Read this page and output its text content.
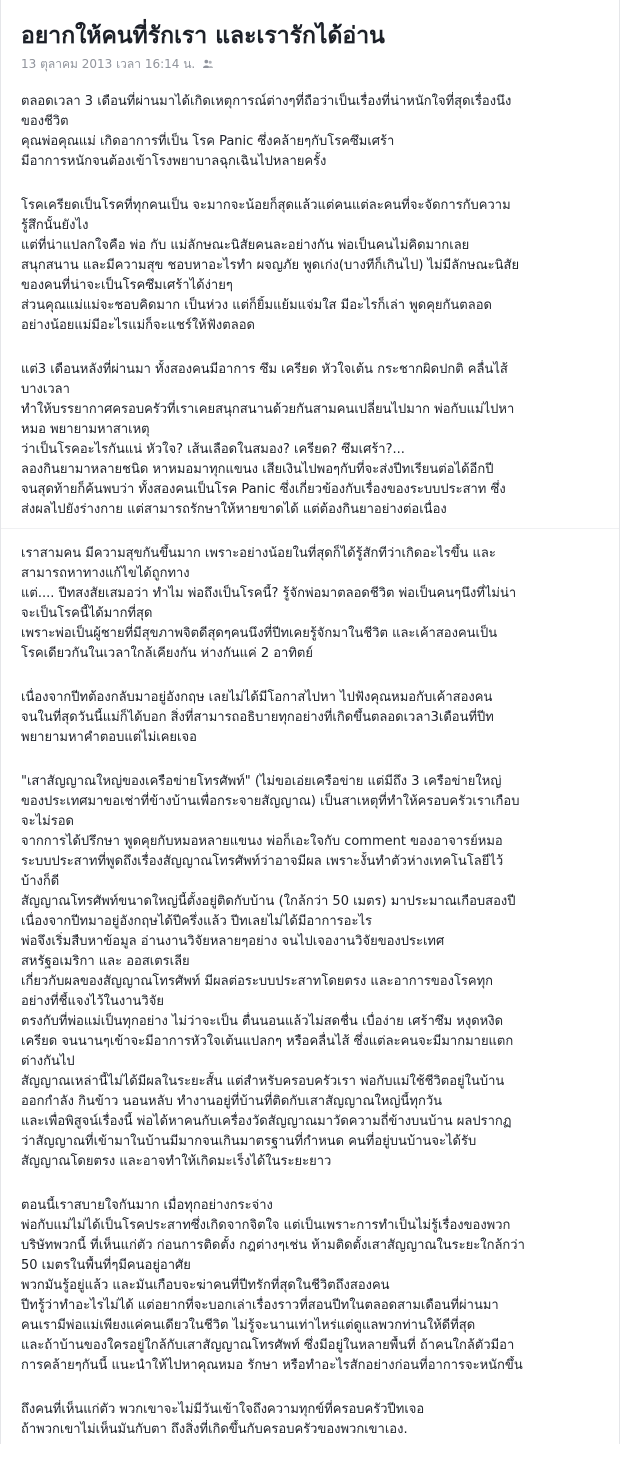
อยากให้คนที่รักเรา และเรารักได้อ่าน
13 ตุลาคม 2013 เวลา 16:14 น.
ตลอดเวลา 3 เดือนที่ผ่านมาได้เกิดเหตุการณ์ต่างๆที่ถือว่าเป็นเรื่องที่น่าหนักใจที่สุดเรื่องนึง
ของชีวิต
คุณพ่อคุณแม่ เกิดอาการที่เป็น โรค Panic ซึ่งคล้ายๆกับโรคซึมเศร้า
มีอาการหนักจนต้องเข้าโรงพยาบาลฉุกเฉินไปหลายครั้ง
โรคเครียดเป็นโรคที่ทุกคนเป็น จะมากจะน้อยก็สุดแล้วแต่คนแต่ละคนที่จะจัดการกับความ
รู้สึกนั้นยังไง
แต่ที่น่าแปลกใจคือ พ่อ กับ แม่ลักษณะนิสัยคนละอย่างกัน พ่อเป็นคนไม่คิดมากเลย
สนุกสนาน และมีความสุข ชอบหาอะไรทำ ผจญภัย พูดเก่ง(บางทีก็เกินไป) ไม่มีลักษณะนิสัย
ของคนที่น่าจะเป็นโรคซึมเศร้าได้ง่ายๆ
ส่วนคุณแม่แม่จะชอบคิดมาก เป็นห่วง แต่ก็ยิ้มแย้มแจ่มใส มีอะไรก็เล่า พูดคุยกันตลอด
อย่างน้อยแม่มีอะไรแม่ก็จะแชร์ให้ฟังตลอด
แต่3 เดือนหลังที่ผ่านมา ทั้งสองคนมีอาการ ซึม เครียด หัวใจเต้น กระชากผิดปกติ คลื่นไส้
บางเวลา
ทำให้บรรยากาศครอบครัวที่เราเคยสนุกสนานด้วยกันสามคนเปลี่ยนไปมาก พ่อกับแม่ไปหา
หมอ พยายามหาสาเหตุ
ว่าเป็นโรคอะไรกันแน่ หัวใจ? เส้นเลือดในสมอง? เครียด? ซึมเศร้า?...
ลองกินยามาหลายชนิด หาหมอมาทุกแขนง เสียเงินไปพอๆกับที่จะส่งปีทเรียนต่อได้อีกปี
จนสุดท้ายก็ค้นพบว่า ทั้งสองคนเป็นโรค Panic ซึ่งเกี่ยวข้องกับเรื่องของระบบประสาท ซึ่ง
ส่งผลไปยังร่างกาย แต่สามารถรักษาให้หายขาดได้ แต่ต้องกินยาอย่างต่อเนื่อง
เราสามคน มีความสุขกันขึ้นมาก เพราะอย่างน้อยในที่สุดก็ได้รู้สักทีว่าเกิดอะไรขึ้น และ
สามารถหาทางแก้ไขได้ถูกทาง
แต่.... ปีทสงสัยเสมอว่า ทำไม พ่อถึงเป็นโรคนี้? รู้จักพ่อมาตลอดชีวิต พ่อเป็นคนๆนึงที่ไม่น่า
จะเป็นโรคนี้ได้มากที่สุด
เพราะพ่อเป็นผู้ชายที่มีสุขภาพจิตดีสุดๆคนนึงที่ปีทเคยรู้จักมาในชีวิต และเค้าสองคนเป็น
โรคเดียวกันในเวลาใกล้เคียงกัน ห่างกันแค่ 2 อาทิตย์
เนื่องจากปีทต้องกลับมาอยู่อังกฤษ เลยไม่ได้มีโอกาสไปหา ไปฟังคุณหมอกับเค้าสองคน
จนในที่สุดวันนี้แม่ก็ได้บอก สิ่งที่สามารถอธิบายทุกอย่างที่เกิดขึ้นตลอดเวลา3เดือนที่ปีท
พยายามหาคำตอบแต่ไม่เคยเจอ
"เสาสัญญาณใหญ่ของเครือข่ายโทรศัพท์" (ไม่ขอเอ่ยเครือข่าย แต่มีถึง 3 เครือข่ายใหญ่
ของประเทศมาขอเช่าที่ข้างบ้านเพื่อกระจายสัญญาณ) เป็นสาเหตุที่ทำให้ครอบครัวเราเกือบ
จะไม่รอด
จากการได้ปรึกษา พูดคุยกับหมอหลายแขนง พ่อก็เอะใจกับ comment ของอาจารย์หมอ
ระบบประสาทที่พูดถึงเรื่องสัญญาณโทรศัพท์ว่าอาจมีผล เพราะงั้นทำตัวห่างเทคโนโลยีไว้
บ้างก็ดี
สัญญาณโทรศัพท์ขนาดใหญ่นี้ตั้งอยู่ติดกับบ้าน (ใกล้กว่า 50 เมตร) มาประมาณเกือบสองปี
เนื่องจากปีทมาอยู่อังกฤษได้ปีครึ่งแล้ว ปีทเลยไม่ได้มีอาการอะไร
พ่อจึงเริ่มสืบหาข้อมูล อ่านงานวิจัยหลายๆอย่าง จนไปเจองานวิจัยของประเทศ
สหรัฐอเมริกา และ ออสเตรเลีย
เกี่ยวกับผลของสัญญาณโทรศัพท์ มีผลต่อระบบประสาทโดยตรง และอาการของโรคทุก
อย่างที่ชี้แจงไว้ในงานวิจัย
ตรงกับที่พ่อแม่เป็นทุกอย่าง ไม่ว่าจะเป็น ตื่นนอนแล้วไม่สดชื่น เบื่อง่าย เศร้าซึม หงุดหงิด
เครียด จนนานๆเข้าจะมีอาการหัวใจเต้นแปลกๆ หรือคลื่นไส้ ซึ่งแต่ละคนจะมีมากมายแตก
ต่างกันไป
สัญญาณเหล่านี้ไม่ได้มีผลในระยะสั้น แต่สำหรับครอบครัวเรา พ่อกับแม่ใช้ชีวิตอยู่ในบ้าน
ออกกำลัง กินข้าว นอนหลับ ทำงานอยู่ที่บ้านที่ติดกับเสาสัญญาณใหญ่นี้ทุกวัน
และเพื่อพิสูจน์เรื่องนี้ พ่อได้หาคนกับเครื่องวัดสัญญาณมาวัดความถี่ข้างบนบ้าน ผลปรากฏ
ว่าสัญญาณที่เข้ามาในบ้านมีมากจนเกินมาตรฐานที่กำหนด คนที่อยู่บนบ้านจะได้รับ
สัญญาณโดยตรง และอาจทำให้เกิดมะเร็งได้ในระยะยาว
ตอนนี้เราสบายใจกันมาก เมื่อทุกอย่างกระจ่าง
พ่อกับแม่ไม่ได้เป็นโรคประสาทซึ่งเกิดจากจิตใจ แต่เป็นเพราะการทำเป็นไม่รู้เรื่องของพวก
บริษัทพวกนี้ ที่เห็นแก่ตัว ก่อนการติดตั้ง กฎต่างๆเช่น ห้ามติดตั้งเสาสัญญาณในระยะใกล้กว่า
50 เมตรในพื้นที่ๆมีคนอยู่อาศัย
พวกมันรู้อยู่แล้ว และมันเกือบจะฆ่าคนที่ปีทรักที่สุดในชีวิตถึงสองคน
ปีทรู้ว่าทำอะไรไม่ได้ แต่อยากที่จะบอกเล่าเรื่องราวที่สอนปีทในตลอดสามเดือนที่ผ่านมา
คนเรามีพ่อแม่เพียงแค่คนเดียวในชีวิต ไม่รู้จะนานเท่าไหร่แต่ดูแลพวกท่านให้ดีที่สุด
และถ้าบ้านของใครอยู่ใกล้กับเสาสัญญาณโทรศัพท์ ซึ่งมีอยู่ในหลายพื้นที่ ถ้าคนใกล้ตัวมีอา
การคล้ายๆกันนี้ แนะนำให้ไปหาคุณหมอ รักษา หรือทำอะไรสักอย่างก่อนที่อาการจะหนักขึ้น
ถึงคนที่เห็นแก่ตัว พวกเขาจะไม่มีวันเข้าใจถึงความทุกข์ที่ครอบครัวปีทเจอ
ถ้าพวกเขาไม่เห็นมันกับตา ถึงสิ่งที่เกิดขึ้นกับครอบครัวของพวกเขาเอง.
